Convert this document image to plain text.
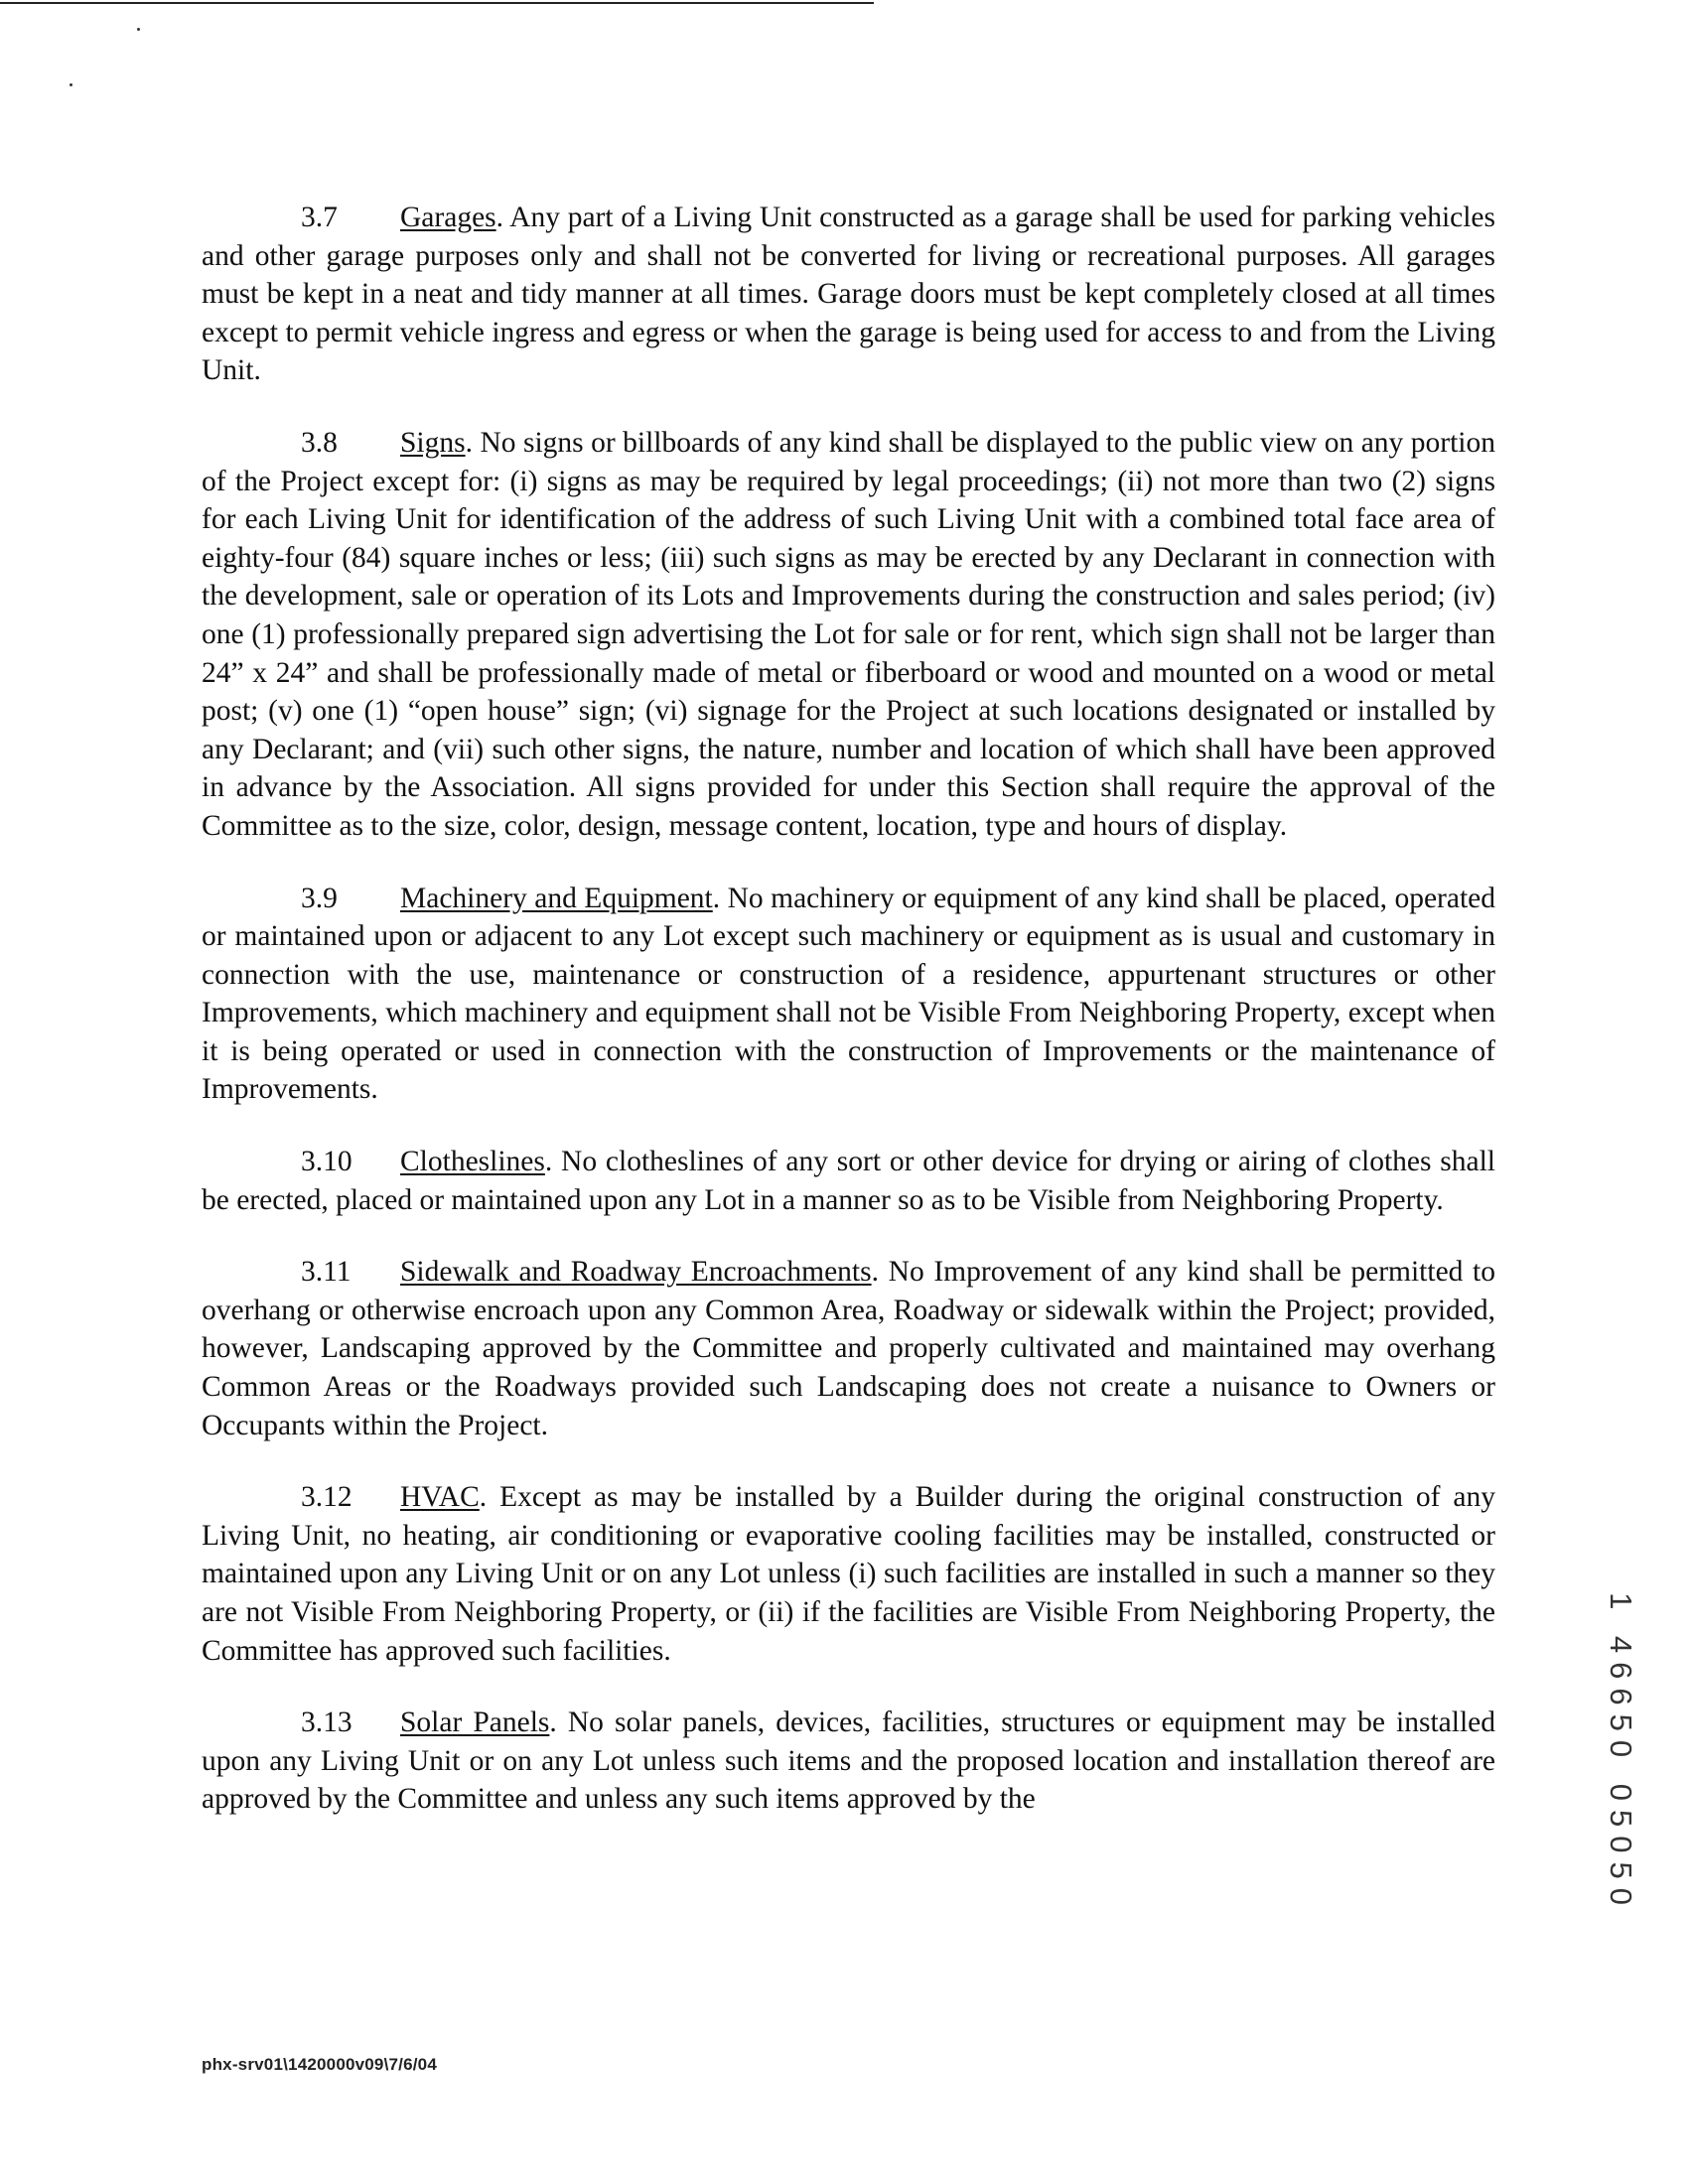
3.7 Garages. Any part of a Living Unit constructed as a garage shall be used for parking vehicles and other garage purposes only and shall not be converted for living or recreational purposes. All garages must be kept in a neat and tidy manner at all times. Garage doors must be kept completely closed at all times except to permit vehicle ingress and egress or when the garage is being used for access to and from the Living Unit.

3.8 Signs. No signs or billboards of any kind shall be displayed to the public view on any portion of the Project except for: (i) signs as may be required by legal proceedings; (ii) not more than two (2) signs for each Living Unit for identification of the address of such Living Unit with a combined total face area of eighty-four (84) square inches or less; (iii) such signs as may be erected by any Declarant in connection with the development, sale or operation of its Lots and Improvements during the construction and sales period; (iv) one (1) professionally prepared sign advertising the Lot for sale or for rent, which sign shall not be larger than 24” x 24” and shall be professionally made of metal or fiberboard or wood and mounted on a wood or metal post; (v) one (1) “open house” sign; (vi) signage for the Project at such locations designated or installed by any Declarant; and (vii) such other signs, the nature, number and location of which shall have been approved in advance by the Association. All signs provided for under this Section shall require the approval of the Committee as to the size, color, design, message content, location, type and hours of display.

3.9 Machinery and Equipment. No machinery or equipment of any kind shall be placed, operated or maintained upon or adjacent to any Lot except such machinery or equipment as is usual and customary in connection with the use, maintenance or construction of a residence, appurtenant structures or other Improvements, which machinery and equipment shall not be Visible From Neighboring Property, except when it is being operated or used in connection with the construction of Improvements or the maintenance of Improvements.

3.10 Clotheslines. No clotheslines of any sort or other device for drying or airing of clothes shall be erected, placed or maintained upon any Lot in a manner so as to be Visible from Neighboring Property.

3.11 Sidewalk and Roadway Encroachments. No Improvement of any kind shall be permitted to overhang or otherwise encroach upon any Common Area, Roadway or sidewalk within the Project; provided, however, Landscaping approved by the Committee and properly cultivated and maintained may overhang Common Areas or the Roadways provided such Landscaping does not create a nuisance to Owners or Occupants within the Project.

3.12 HVAC. Except as may be installed by a Builder during the original construction of any Living Unit, no heating, air conditioning or evaporative cooling facilities may be installed, constructed or maintained upon any Living Unit or on any Lot unless (i) such facilities are installed in such a manner so they are not Visible From Neighboring Property, or (ii) if the facilities are Visible From Neighboring Property, the Committee has approved such facilities.

3.13 Solar Panels. No solar panels, devices, facilities, structures or equipment may be installed upon any Living Unit or on any Lot unless such items and the proposed location and installation thereof are approved by the Committee and unless any such items approved by the	1 46650 05050
phx-srv01\1420000v09\7/6/04
